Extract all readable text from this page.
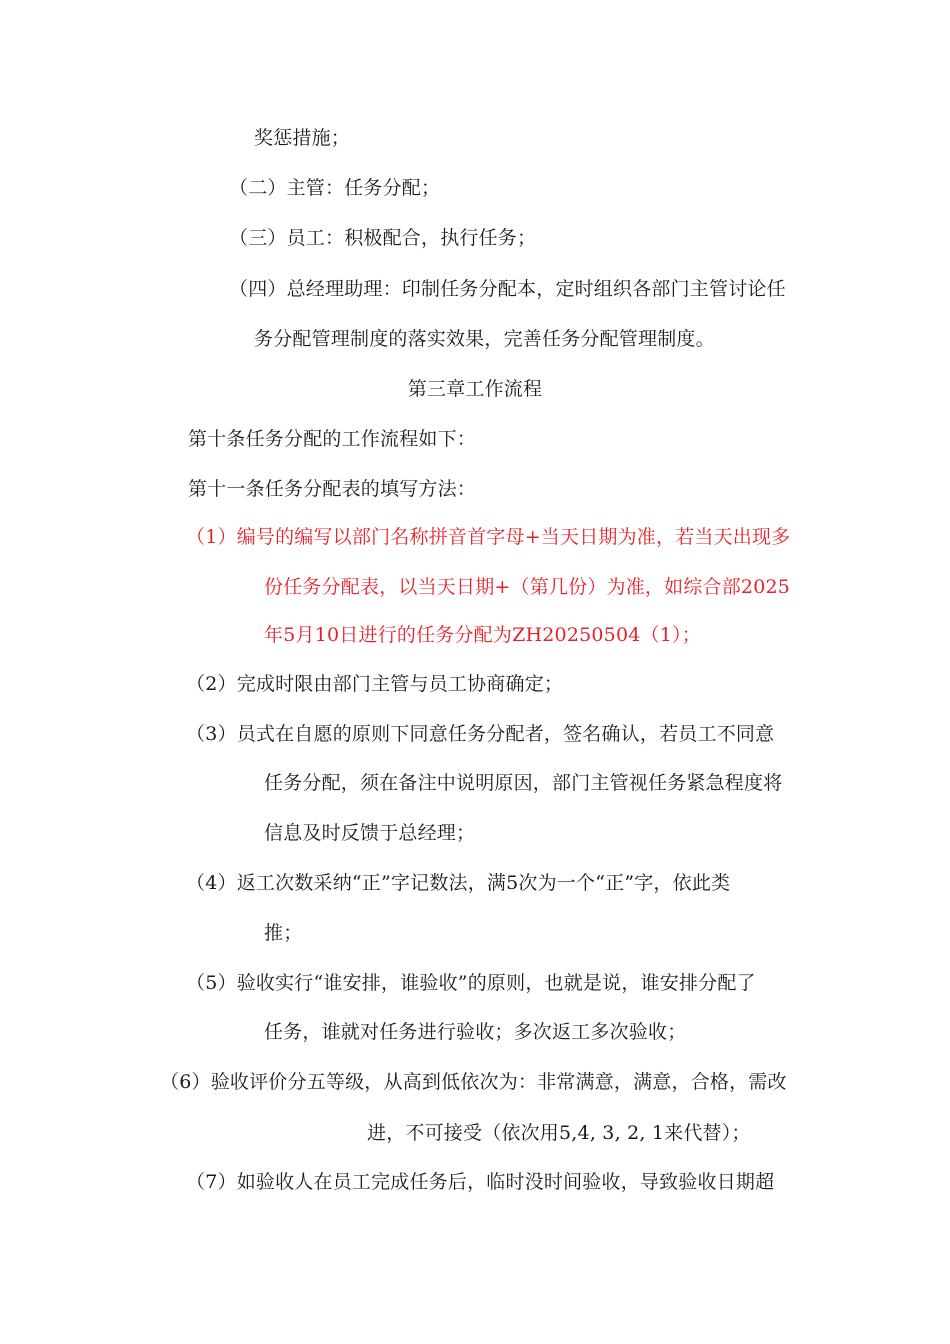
奖惩措施；
（二）主管：任务分配；
（三）员工：积极配合，执行任务；
（四）总经理助理：印制任务分配本，定时组织各部门主管讨论任
务分配管理制度的落实效果，完善任务分配管理制度。
第三章工作流程
第十条任务分配的工作流程如下：
第十一条任务分配表的填写方法：
（1）编号的编写以部门名称拼音首字母+当天日期为准，若当天出现多
份任务分配表，以当天日期+（第几份）为准，如综合部2025
年5月10日进行的任务分配为ZH20250504（1）；
（2）完成时限由部门主管与员工协商确定；
（3）员式在自愿的原则下同意任务分配者，签名确认，若员工不同意
任务分配，须在备注中说明原因，部门主管视任务紧急程度将
信息及时反馈于总经理；
（4）返工次数采纳“正”字记数法，满5次为一个“正”字，依此类
推；
（5）验收实行“谁安排，谁验收”的原则，也就是说，谁安排分配了
任务，谁就对任务进行验收；多次返工多次验收；
（6）验收评价分五等级，从高到低依次为：非常满意，满意，合格，需改
进，不可接受（依次用5,4, 3, 2, 1来代替）；
（7）如验收人在员工完成任务后，临时没时间验收，导致验收日期超
